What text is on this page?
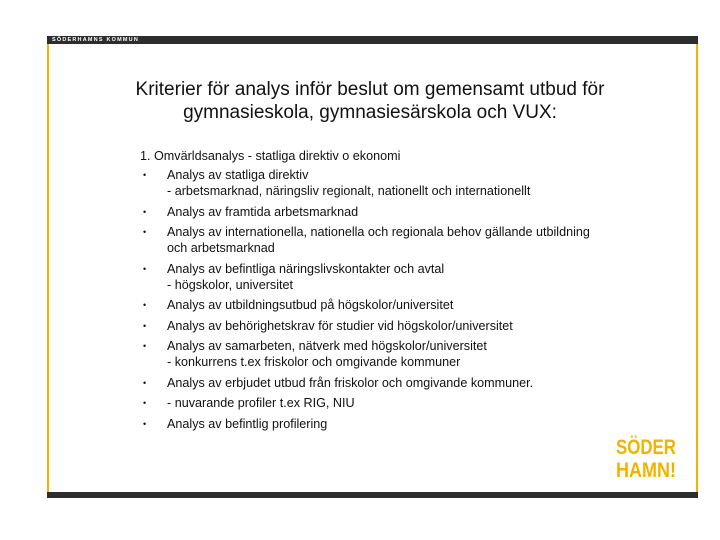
SÖDERHAMNS KOMMUN
Kriterier för analys inför beslut om gemensamt utbud för
gymnasieskola, gymnasiesärskola och VUX:
1. Omvärldsanalys - statliga direktiv o ekonomi
•	Analys av statliga direktiv
- arbetsmarknad, näringsliv regionalt, nationellt och internationellt
•	Analys av framtida arbetsmarknad
•	Analys av internationella, nationella och regionala behov gällande utbildning
och arbetsmarknad
•	Analys av befintliga näringslivskontakter och avtal
- högskolor, universitet
•	Analys av utbildningsutbud på högskolor/universitet
•	Analys av behörighetskrav för studier vid högskolor/universitet
•	Analys av samarbeten, nätverk med högskolor/universitet
- konkurrens t.ex friskolor och omgivande kommuner
•	Analys av erbjudet utbud från friskolor och omgivande kommuner.
•	- nuvarande profiler t.ex RIG, NIU
•	Analys av befintlig profilering
SÖDER
HAMN!
